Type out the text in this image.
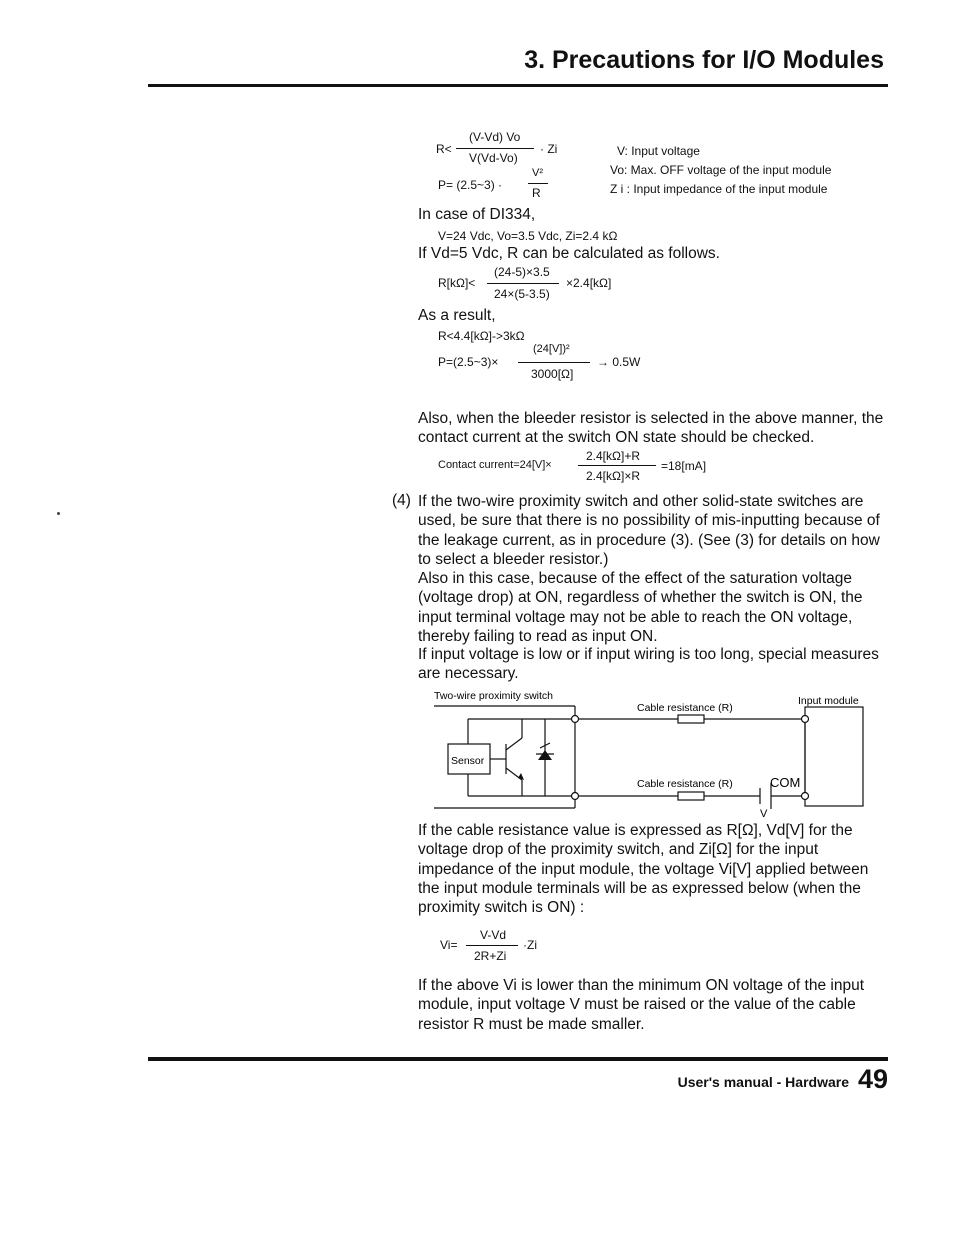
3. Precautions for I/O Modules
R<
(V-Vd) Vo
V(Vd-Vo)
· Zi
P= (2.5~3) ·
V²
R
V: Input voltage
Vo: Max. OFF voltage of the input module
Z i : Input impedance of the input module
In case of DI334,
V=24 Vdc, Vo=3.5 Vdc, Zi=2.4 kΩ
If Vd=5 Vdc, R can be calculated as follows.
R[kΩ]<
(24-5)×3.5
24×(5-3.5)
×2.4[kΩ]
As a result,
R<4.4[kΩ]->3kΩ
P=(2.5~3)×
(24[V])²
3000[Ω]
→ 0.5W
Also, when the bleeder resistor is selected in the above manner, the contact current at the switch ON state should be checked.
Contact current=24[V]×
2.4[kΩ]+R
2.4[kΩ]×R
=18[mA]
(4) If the two-wire proximity switch and other solid-state switches are used, be sure that there is no possibility of mis-inputting because of the leakage current, as in procedure (3). (See (3) for details on how to select a bleeder resistor.)
Also in this case, because of the effect of the saturation voltage (voltage drop) at ON, regardless of whether the switch is ON, the input terminal voltage may not be able to reach the ON voltage, thereby failing to read as input ON.
If input voltage is low or if input wiring is too long, special measures are necessary.
Two-wire proximity switch
Sensor
Cable resistance (R)
Cable resistance (R)
Input module
COM
V
If the cable resistance value is expressed as R[Ω], Vd[V] for the voltage drop of the proximity switch, and Zi[Ω] for the input impedance of the input module, the voltage Vi[V] applied between the input module terminals will be as expressed below (when the proximity switch is ON) :
Vi=
V-Vd
2R+Zi
·Zi
If the above Vi is lower than the minimum ON voltage of the input module, input voltage V must be raised or the value of the cable resistor R must be made smaller.
User's manual - Hardware 49
